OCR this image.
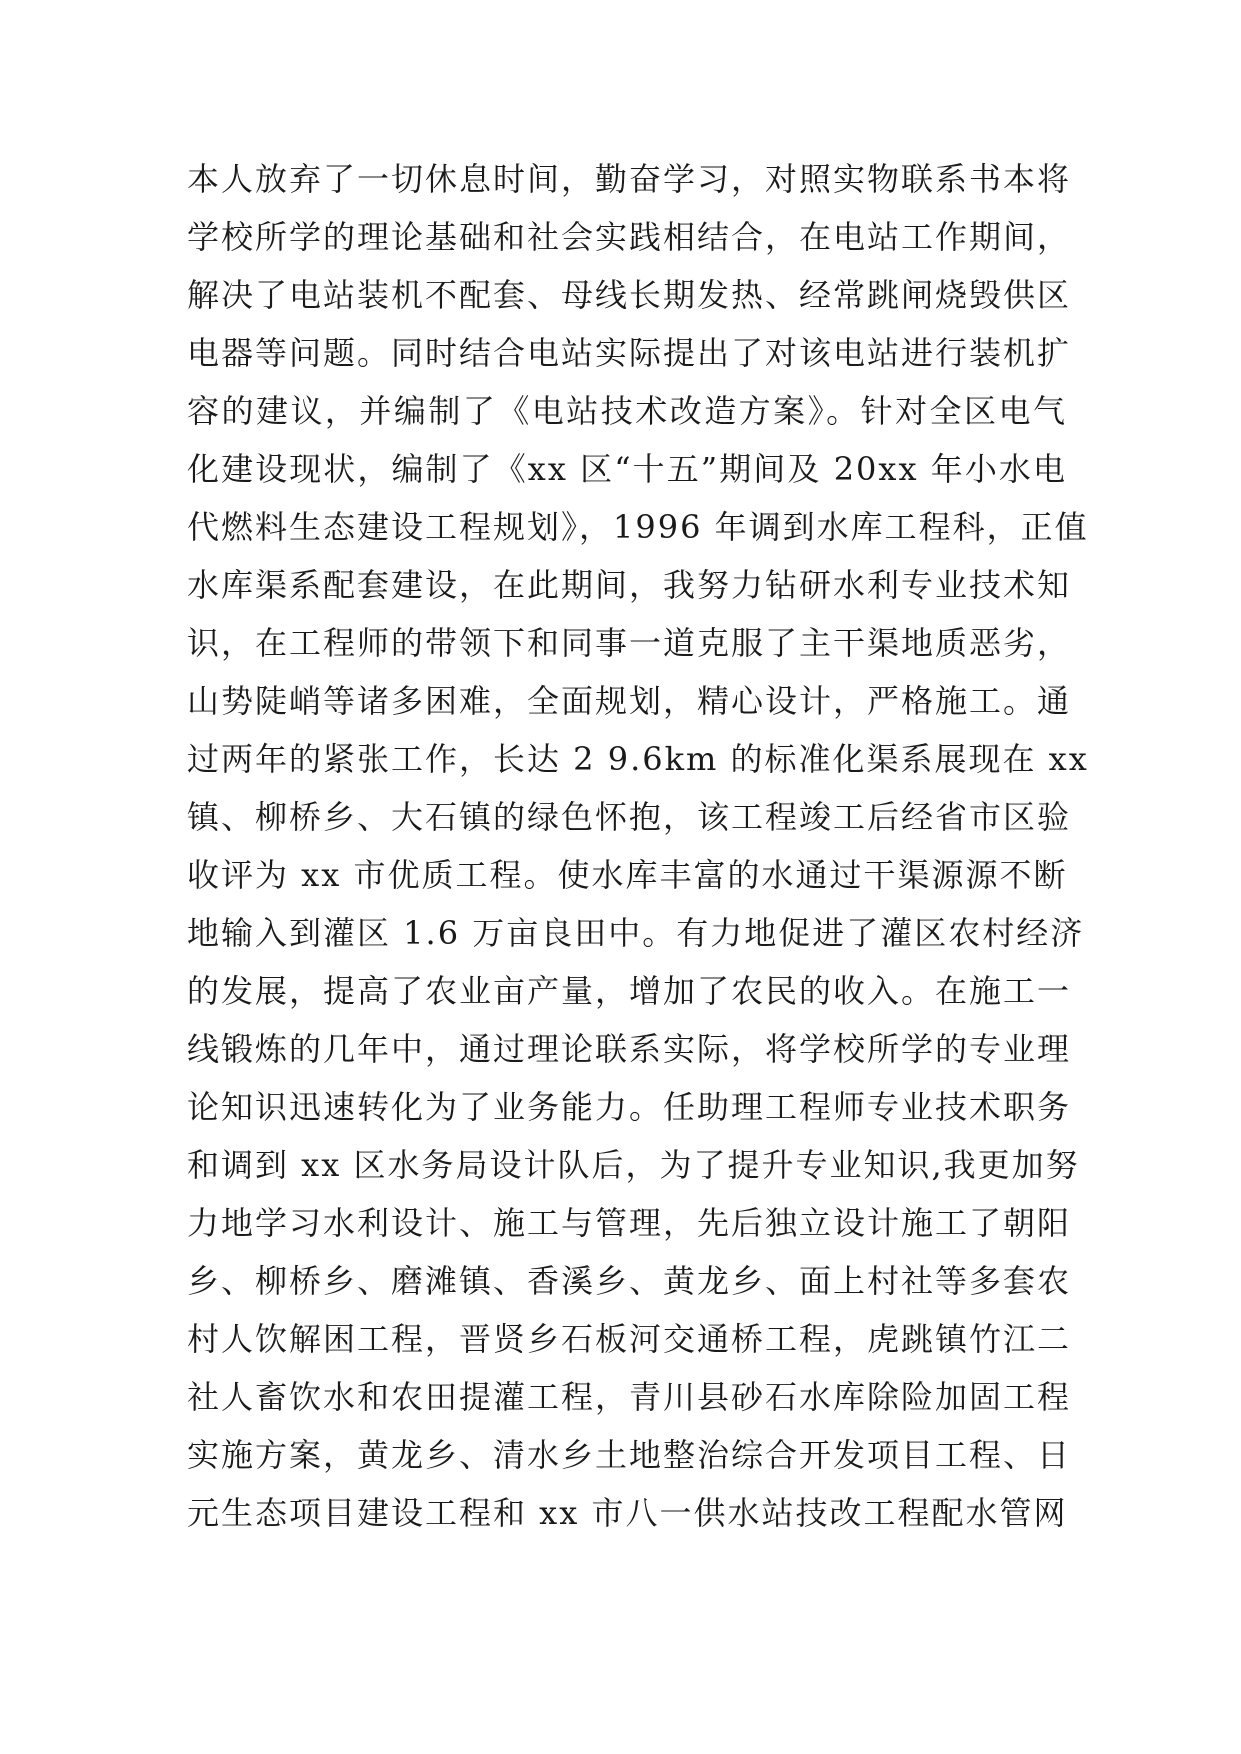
本人放弃了一切休息时间，勤奋学习，对照实物联系书本将
学校所学的理论基础和社会实践相结合，在电站工作期间，
解决了电站装机不配套、母线长期发热、经常跳闸烧毁供区
电器等问题。同时结合电站实际提出了对该电站进行装机扩
容的建议，并编制了《电站技术改造方案》。针对全区电气
化建设现状，编制了《xx 区“十五”期间及 20xx 年小水电
代燃料生态建设工程规划》，1996 年调到水库工程科，正值
水库渠系配套建设，在此期间，我努力钻研水利专业技术知
识，在工程师的带领下和同事一道克服了主干渠地质恶劣，
山势陡峭等诸多困难，全面规划，精心设计，严格施工。通
过两年的紧张工作，长达 2 9.6km 的标准化渠系展现在 xx
镇、柳桥乡、大石镇的绿色怀抱，该工程竣工后经省市区验
收评为 xx 市优质工程。使水库丰富的水通过干渠源源不断
地输入到灌区 1.6 万亩良田中。有力地促进了灌区农村经济
的发展，提高了农业亩产量，增加了农民的收入。在施工一
线锻炼的几年中，通过理论联系实际，将学校所学的专业理
论知识迅速转化为了业务能力。任助理工程师专业技术职务
和调到 xx 区水务局设计队后，为了提升专业知识,我更加努
力地学习水利设计、施工与管理，先后独立设计施工了朝阳
乡、柳桥乡、磨滩镇、香溪乡、黄龙乡、面上村社等多套农
村人饮解困工程，晋贤乡石板河交通桥工程，虎跳镇竹江二
社人畜饮水和农田提灌工程，青川县砂石水库除险加固工程
实施方案，黄龙乡、清水乡土地整治综合开发项目工程、日
元生态项目建设工程和 xx 市八一供水站技改工程配水管网
